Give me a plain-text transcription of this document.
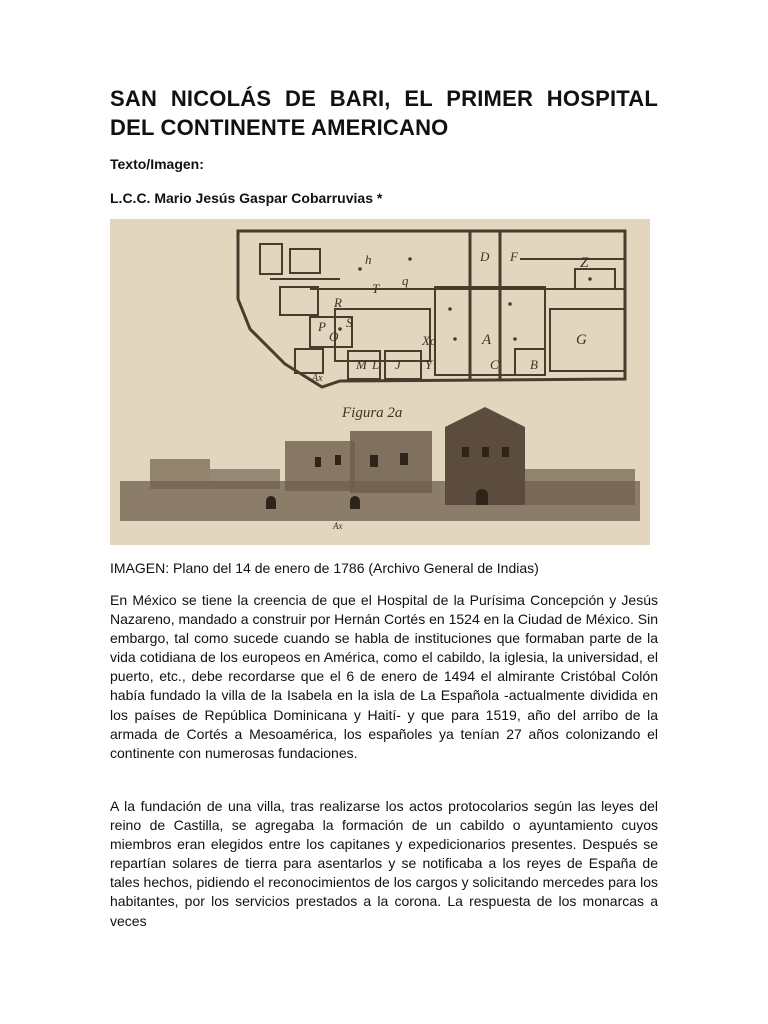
SAN NICOLÁS DE BARI, EL PRIMER HOSPITAL DEL CONTINENTE AMERICANO

Texto/Imagen:

L.C.C. Mario Jesús Gaspar Cobarruvias *

h	D F	Z
T
q
R
S
P
O	A	G
Xo
M L J Y	C B
Ax
Figura 2a
Ax

IMAGEN: Plano del 14 de enero de 1786 (Archivo General de Indias)

En México se tiene la creencia de que el Hospital de la Purísima Concepción y Jesús Nazareno, mandado a construir por Hernán Cortés en 1524 en la Ciudad de México. Sin embargo, tal como sucede cuando se habla de instituciones que formaban parte de la vida cotidiana de los europeos en América, como el cabildo, la iglesia, la universidad, el puerto, etc., debe recordarse que el 6 de enero de 1494 el almirante Cristóbal Colón había fundado la villa de la Isabela en la isla de La Española -actualmente dividida en los países de República Dominicana y Haití- y que para 1519, año del arribo de la armada de Cortés a Mesoamérica, los españoles ya tenían 27 años colonizando el continente con numerosas fundaciones.

A la fundación de una villa, tras realizarse los actos protocolarios según las leyes del reino de Castilla, se agregaba la formación de un cabildo o ayuntamiento cuyos miembros eran elegidos entre los capitanes y expedicionarios presentes. Después se repartían solares de tierra para asentarlos y se notificaba a los reyes de España de tales hechos, pidiendo el reconocimientos de los cargos y solicitando mercedes para los habitantes, por los servicios prestados a la corona. La respuesta de los monarcas a veces
